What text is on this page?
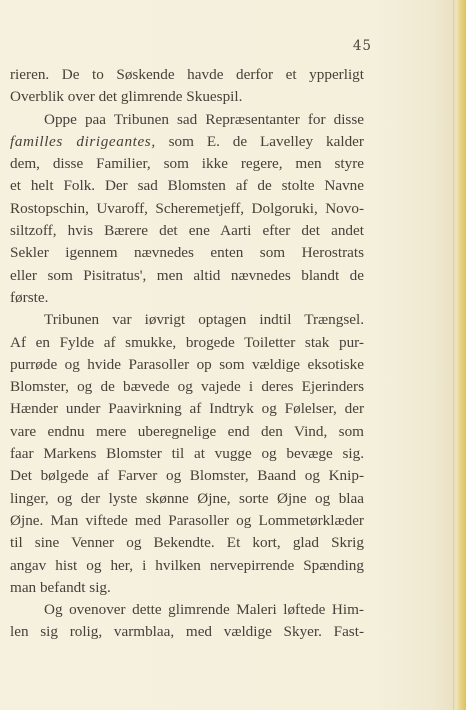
45
rieren. De to Søskende havde derfor et ypperligt
Overblik over det glimrende Skuespil.
Oppe paa Tribunen sad Repræsentanter for disse
familles dirigeantes, som E. de Lavelley kalder
dem, disse Familier, som ikke regere, men styre
et helt Folk. Der sad Blomsten af de stolte Navne
Rostopschin, Uvaroff, Scheremetjeff, Dolgoruki, Novo-
siltzoff, hvis Bærere det ene Aarti efter det andet
Sekler igennem nævnedes enten som Herostrats
eller som Pisitratus', men altid nævnedes blandt de
første.
Tribunen var iøvrigt optagen indtil Trængsel.
Af en Fylde af smukke, brogede Toiletter stak pur-
purrøde og hvide Parasoller op som vældige eksotiske
Blomster, og de bævede og vajede i deres Ejerinders
Hænder under Paavirkning af Indtryk og Følelser, der
vare endnu mere uberegnelige end den Vind, som
faar Markens Blomster til at vugge og bevæge sig.
Det bølgede af Farver og Blomster, Baand og Knip-
linger, og der lyste skønne Øjne, sorte Øjne og blaa
Øjne. Man viftede med Parasoller og Lommetørklæder
til sine Venner og Bekendte. Et kort, glad Skrig
angav hist og her, i hvilken nervepirrende Spænding
man befandt sig.
Og ovenover dette glimrende Maleri løftede Him-
len sig rolig, varmblaa, med vældige Skyer. Fast-
